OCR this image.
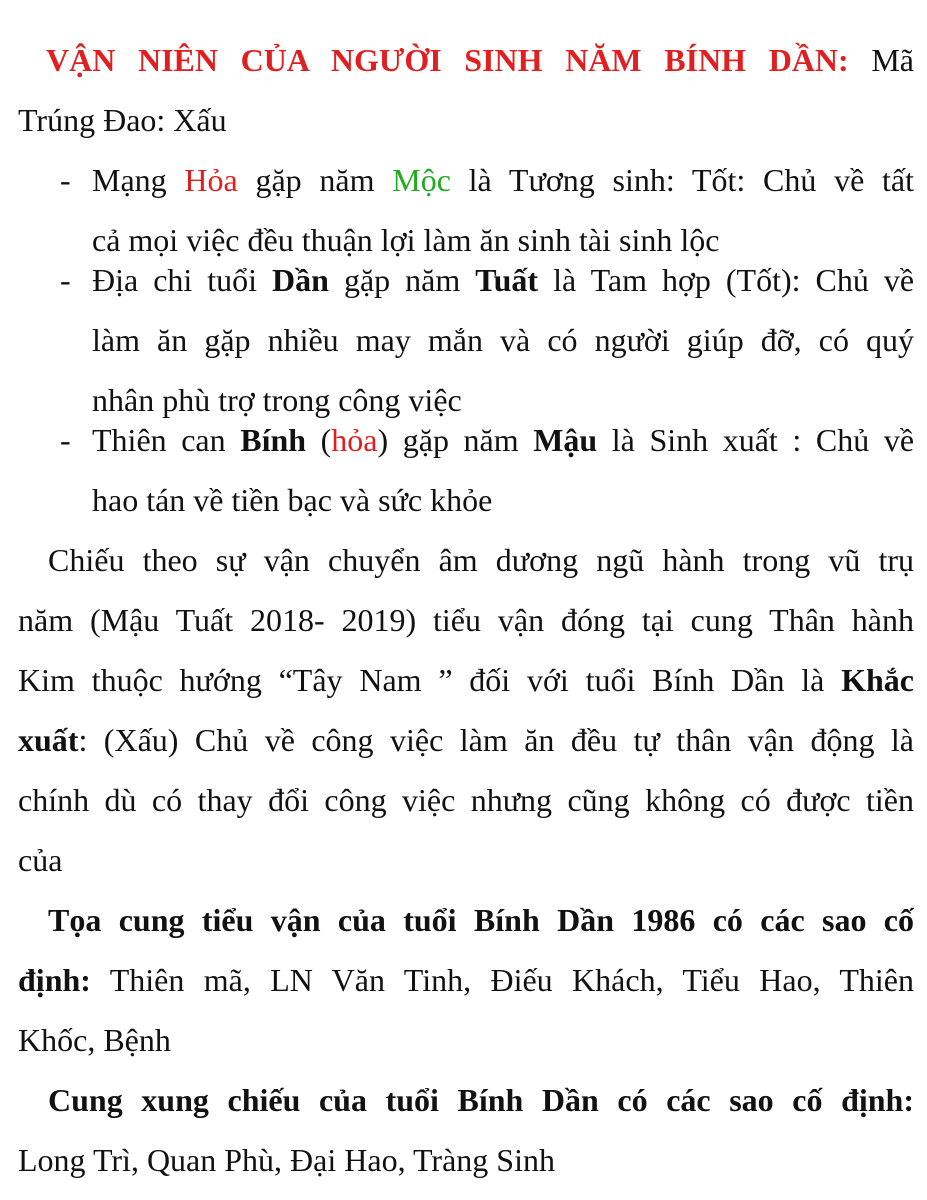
VẬN NIÊN CỦA NGƯỜI SINH NĂM BÍNH DẦN: Mã
Trúng Đao: Xấu
- Mạng Hỏa gặp năm Mộc là Tương sinh: Tốt: Chủ về tất
cả mọi việc đều thuận lợi làm ăn sinh tài sinh lộc
- Địa chi tuổi Dần gặp năm Tuất là Tam hợp (Tốt): Chủ về
làm ăn gặp nhiều may mắn và có người giúp đỡ, có quý
nhân phù trợ trong công việc
- Thiên can Bính (hỏa) gặp năm Mậu là Sinh xuất : Chủ về
hao tán về tiền bạc và sức khỏe
Chiếu theo sự vận chuyển âm dương ngũ hành trong vũ trụ
năm (Mậu Tuất 2018- 2019) tiểu vận đóng tại cung Thân hành
Kim thuộc hướng “Tây Nam ” đối với tuổi Bính Dần là Khắc
xuất: (Xấu) Chủ về công việc làm ăn đều tự thân vận động là
chính dù có thay đổi công việc nhưng cũng không có được tiền
của
Tọa cung tiểu vận của tuổi Bính Dần 1986 có các sao cố
định: Thiên mã, LN Văn Tinh, Điếu Khách, Tiểu Hao, Thiên
Khốc, Bệnh
Cung xung chiếu của tuổi Bính Dần có các sao cố định:
Long Trì, Quan Phù, Đại Hao, Tràng Sinh
